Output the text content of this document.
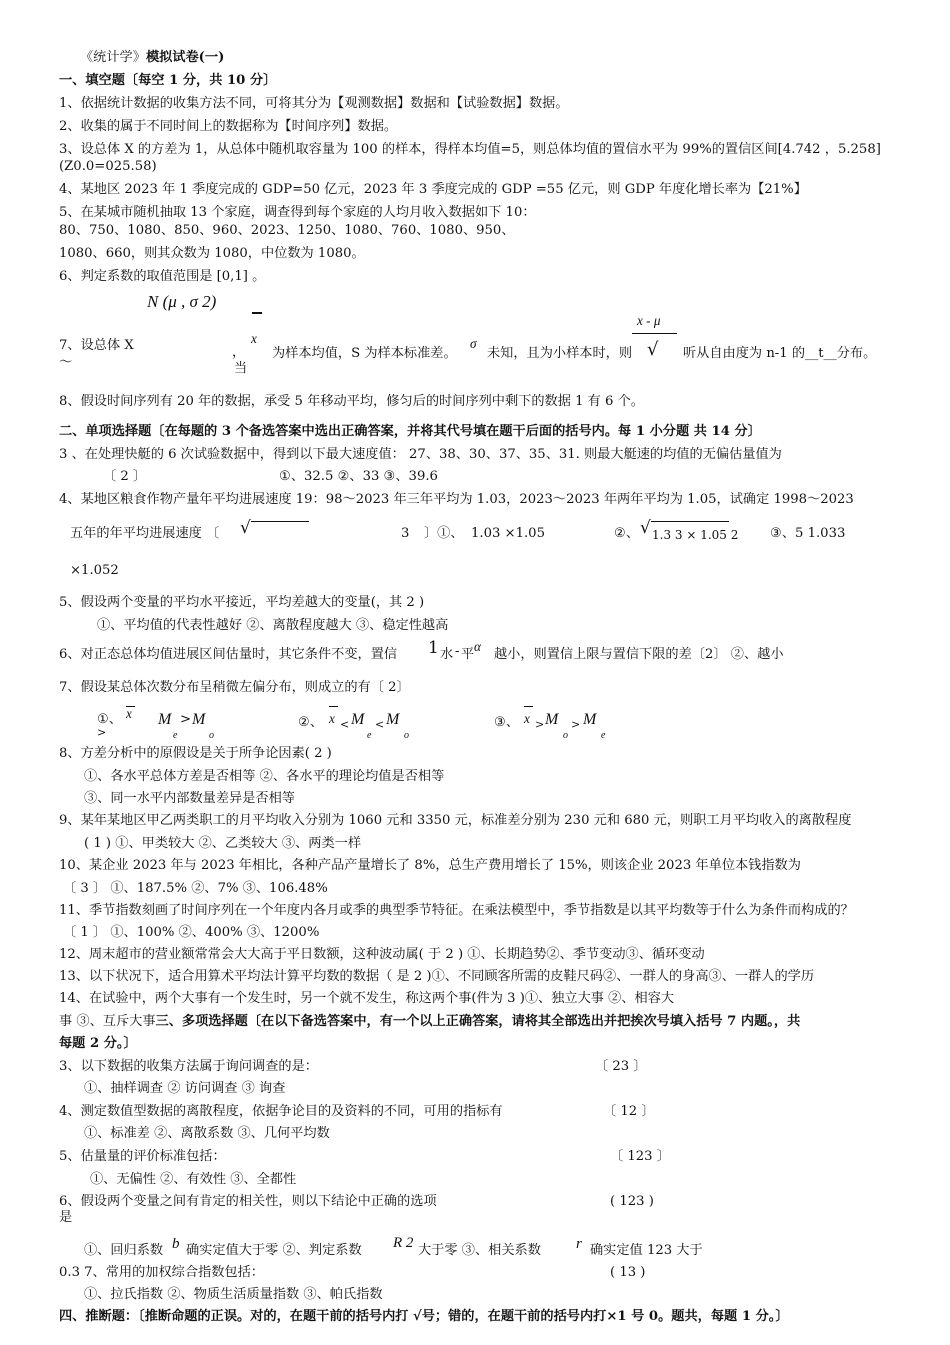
《统计学》模拟试卷(一)
一、填空题〔每空 1 分，共 10 分〕
1、依据统计数据的收集方法不同，可将其分为【观测数据】数据和【试验数据】数据。
2、收集的属于不同时间上的数据称为【时间序列】数据。
3、设总体 X 的方差为 1，从总体中随机取容量为 100 的样本，得样本均值=5，则总体均值的置信水平为 99%的置信区间[4.742 ，5.258]
(Z0.0=025.58)
4、某地区 2023 年 1 季度完成的 GDP=50 亿元，2023 年 3 季度完成的 GDP =55 亿元，则 GDP 年度化增长率为【21%】
5、在某城市随机抽取 13 个家庭，调查得到每个家庭的人均月收入数据如下 10：
80、750、1080、850、960、2023、1250、1080、760、1080、950、
1080、660，则其众数为 1080，中位数为 1080。
6、判定系数的取值范围是 [0,1] 。
N (μ , σ 2)
x
x - μ
7、设总体 X
～
，
当
为样本均值，S 为样本标准差。
σ
未知，且为小样本时，则 √ 听从自由度为 n-1 的__t__分布。
8、假设时间序列有 20 年的数据，承受 5 年移动平均，修匀后的时间序列中剩下的数据 1 有 6 个。
二、单项选择题〔在每题的 3 个备选答案中选出正确答案，并将其代号填在题干后面的括号内。每 1 小分题 共 14 分〕
3 、在处理快艇的 6 次试验数据中，得到以下最大速度值： 27、38、30、37、35、31. 则最大艇速的均值的无偏估量值为
〔 2 〕	①、32.5 ②、33 ③、39.6
4、某地区粮食作物产量年平均进展速度 19：98～2023 年三年平均为 1.03，2023～2023 年两年平均为 1.05，试确定 1998～2023
五年的年平均进展速度 〔 √	3 〕①、 1.03 ×1.05	②、 √ 1.3 3 × 1.05 2 ③、5 1.033
×1.052
5、假设两个变量的平均水平接近，平均差越大的变量(，其 2 )
①、平均值的代表性越好 ②、离散程度越大 ③、稳定性越高
6、对正态总体均值进展区间估量时，其它条件不变，置信 1 水 - 平
α
越小，则置信上限与置信下限的差〔2〕 ②、越小
7、假设某总体次数分布呈稍微左偏分布，则成立的有〔 2〕
①、 x
>
M
e
> M
o
②、 x < M
e
< M
o
③、 x > M
o
> M
e
8、方差分析中的原假设是关于所争论因素( 2 )
①、各水平总体方差是否相等 ②、各水平的理论均值是否相等
③、同一水平内部数量差异是否相等
9、某年某地区甲乙两类职工的月平均收入分别为 1060 元和 3350 元，标准差分别为 230 元和 680 元，则职工月平均收入的离散程度
( 1 ) ①、甲类较大 ②、乙类较大 ③、两类一样
10、某企业 2023 年与 2023 年相比，各种产品产量增长了 8%，总生产费用增长了 15%，则该企业 2023 年单位本钱指数为
〔 3 〕 ①、187.5% ②、7% ③、106.48%
11、季节指数刻画了时间序列在一个年度内各月或季的典型季节特征。在乘法模型中，季节指数是以其平均数等于什么为条件而构成的？
〔 1 〕 ①、100% ②、400% ③、1200%
12、周末超市的营业额常常会大大高于平日数额，这种波动属( 于 2 ) ①、长期趋势②、季节变动③、循环变动
13、以下状况下，适合用算术平均法计算平均数的数据（ 是 2 )①、不同顾客所需的皮鞋尺码②、一群人的身高③、一群人的学历
14、在试验中，两个大事有一个发生时，另一个就不发生，称这两个事(件为 3 )①、独立大事 ②、相容大
事 ③、互斥大事三、多项选择题〔在以下备选答案中，有一个以上正确答案，请将其全部选出并把挨次号填入括号 7 内题。，共
每题 2 分。〕
3、以下数据的收集方法属于询问调查的是：	〔 23 〕
①、抽样调查 ② 访问调查 ③ 询查
4、测定数值型数据的离散程度，依据争论目的及资料的不同，可用的指标有	〔 12 〕
①、标准差 ②、离散系数 ③、几何平均数
5、估量量的评价标准包括：	〔 123 〕
①、无偏性 ②、有效性 ③、全都性
6、假设两个变量之间有肯定的相关性，则以下结论中正确的选项
是
( 123 )
①、回归系数 b 确实定值大于零 ②、判定系数 R 2 大于零 ③、相关系数 r 确实定值 123 大于
0.3 7、常用的加权综合指数包括：	( 13 )
①、拉氏指数 ②、物质生活质量指数 ③、帕氏指数
四、推断题：〔推断命题的正误。对的，在题干前的括号内打 √号；错的，在题干前的括号内打×1 号 0。题共，每题 1 分。〕
